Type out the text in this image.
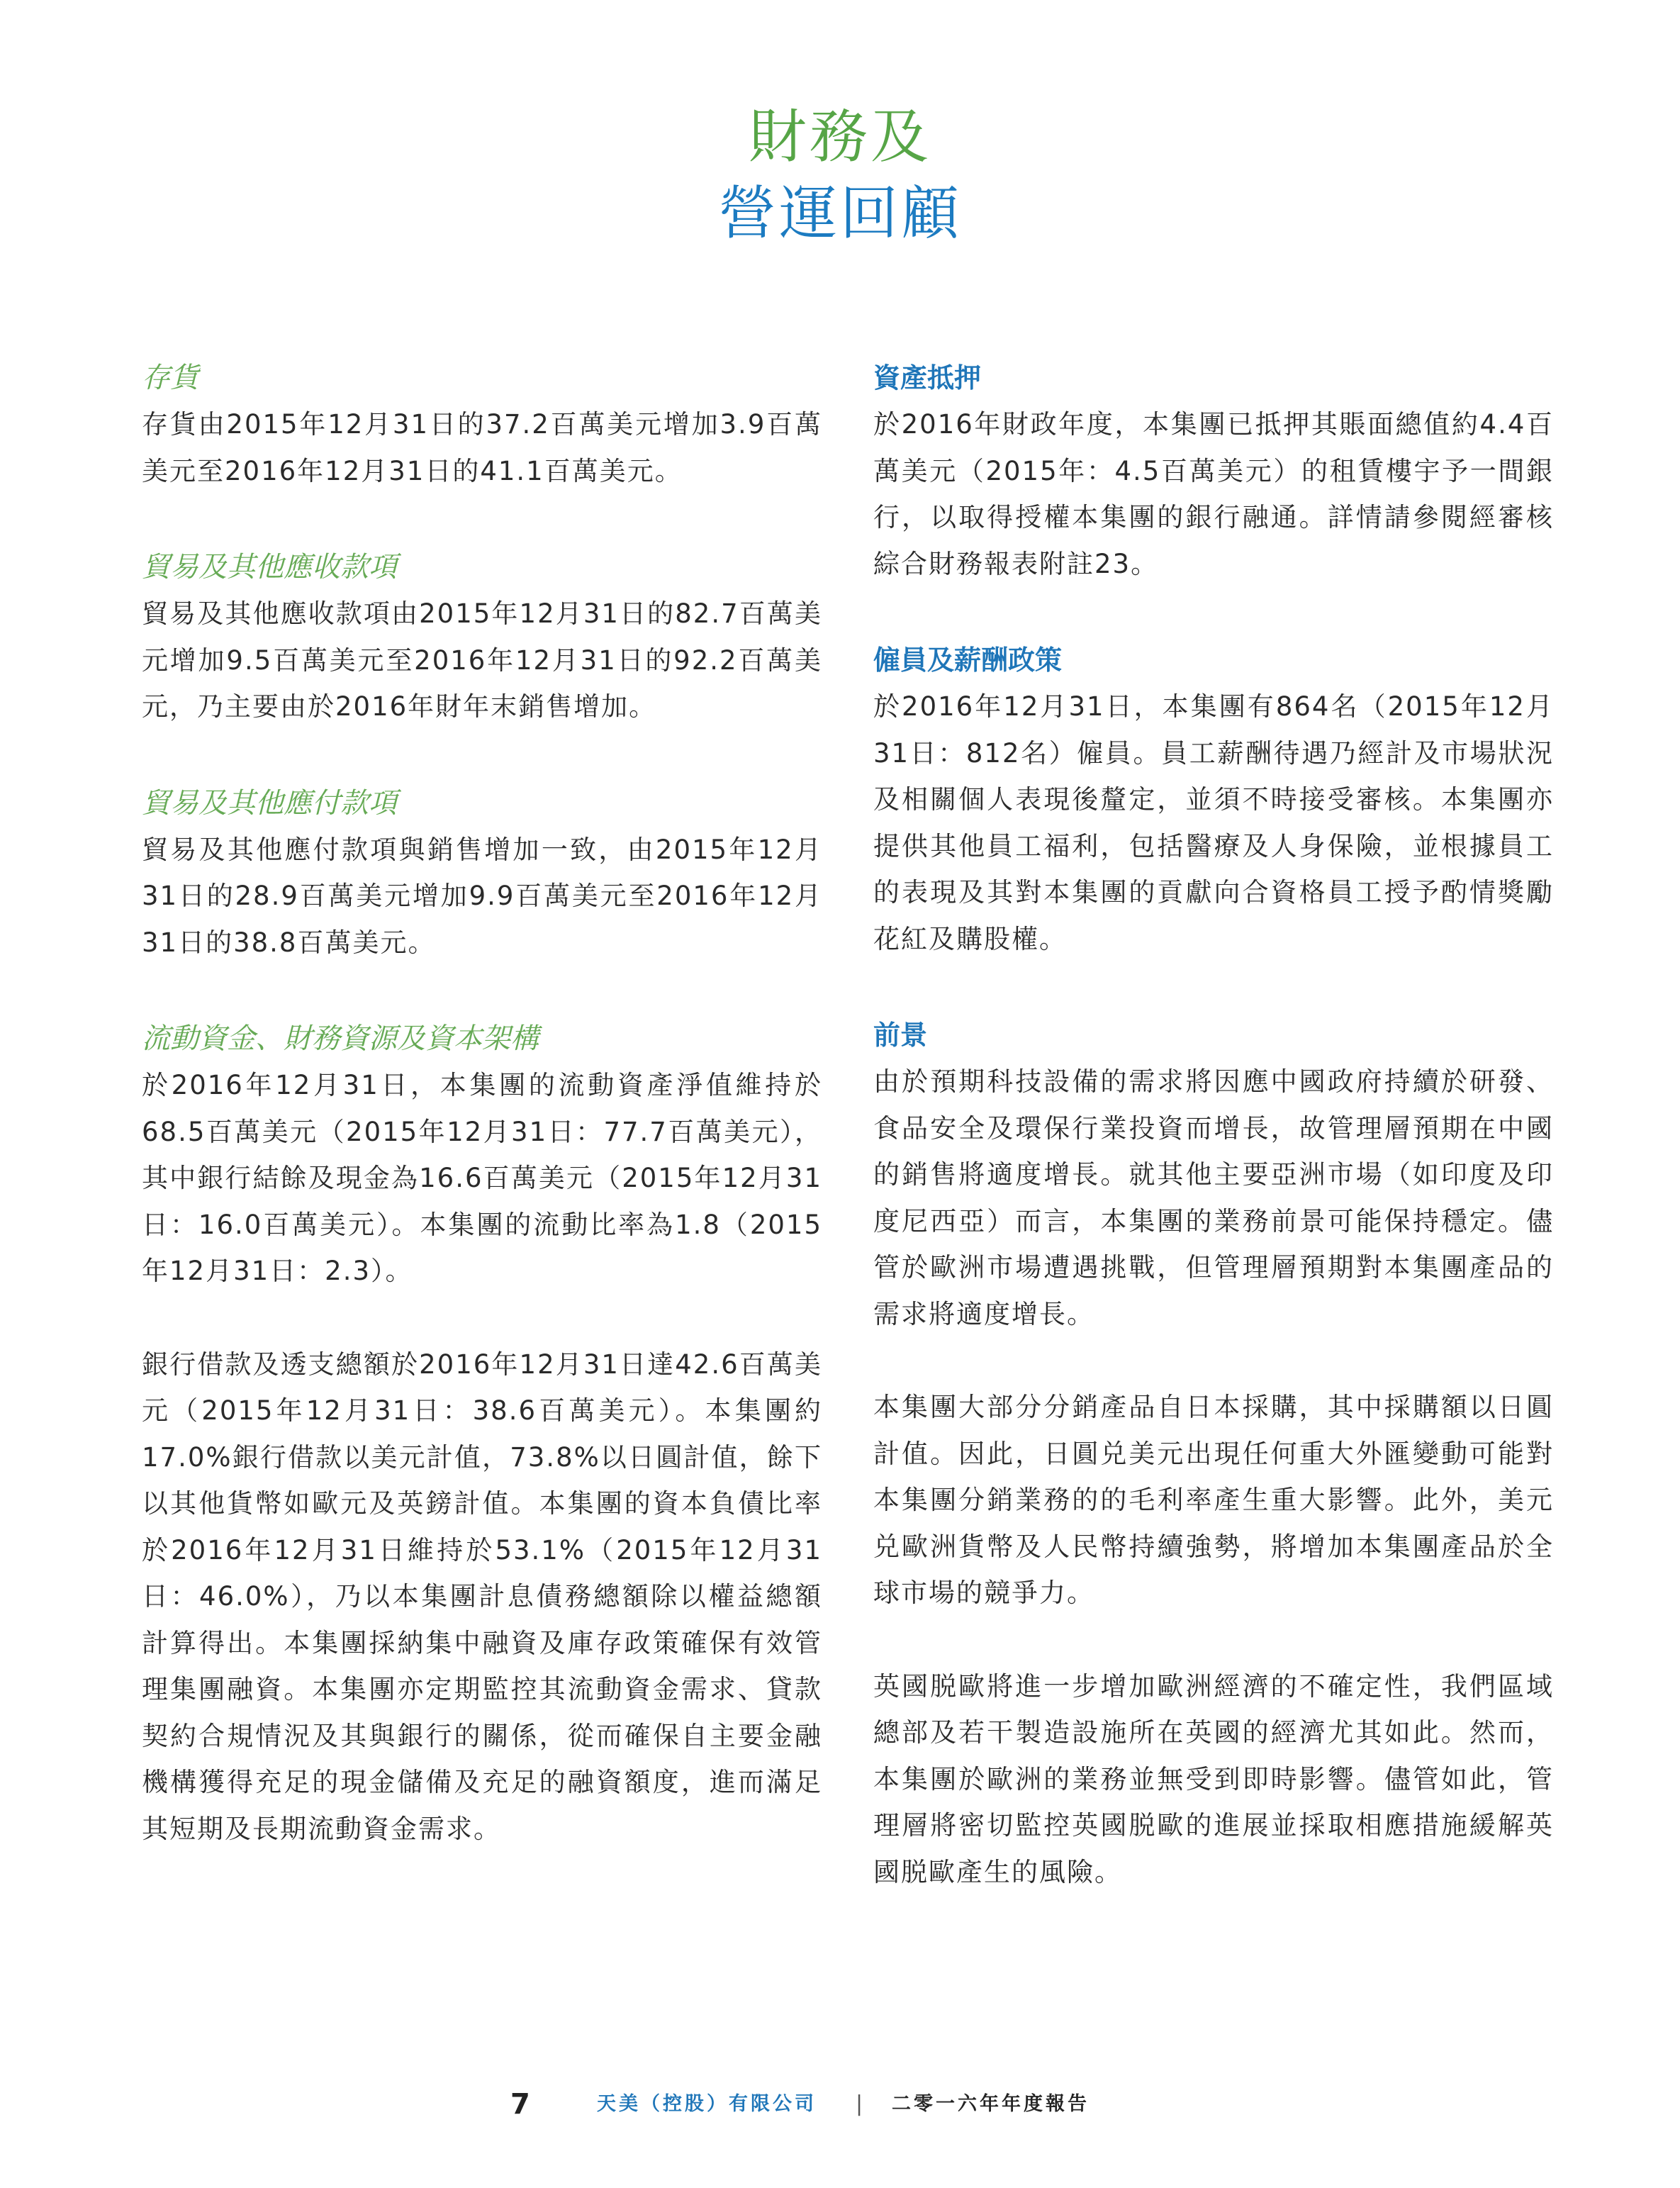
財務及
營運回顧
存貨

存貨由2015年12月31日的37.2百萬美元增加3.9百萬美元至2016年12月31日的41.1百萬美元。

貿易及其他應收款項

貿易及其他應收款項由2015年12月31日的82.7百萬美元增加9.5百萬美元至2016年12月31日的92.2百萬美元，乃主要由於2016年財年末銷售增加。

貿易及其他應付款項

貿易及其他應付款項與銷售增加一致，由2015年12月31日的28.9百萬美元增加9.9百萬美元至2016年12月31日的38.8百萬美元。

流動資金、財務資源及資本架構

於2016年12月31日，本集團的流動資產淨值維持於68.5百萬美元（2015年12月31日：77.7百萬美元），其中銀行結餘及現金為16.6百萬美元（2015年12月31日：16.0百萬美元）。本集團的流動比率為1.8（2015年12月31日：2.3）。

銀行借款及透支總額於2016年12月31日達42.6百萬美元（2015年12月31日：38.6百萬美元）。本集團約17.0%銀行借款以美元計值，73.8%以日圓計值，餘下以其他貨幣如歐元及英鎊計值。本集團的資本負債比率於2016年12月31日維持於53.1%（2015年12月31日：46.0%），乃以本集團計息債務總額除以權益總額計算得出。本集團採納集中融資及庫存政策確保有效管理集團融資。本集團亦定期監控其流動資金需求、貸款契約合規情況及其與銀行的關係，從而確保自主要金融機構獲得充足的現金儲備及充足的融資額度，進而滿足其短期及長期流動資金需求。

資產抵押

於2016年財政年度，本集團已抵押其賬面總值約4.4百萬美元（2015年：4.5百萬美元）的租賃樓宇予一間銀行，以取得授權本集團的銀行融通。詳情請參閱經審核綜合財務報表附註23。

僱員及薪酬政策

於2016年12月31日，本集團有864名（2015年12月31日：812名）僱員。員工薪酬待遇乃經計及市場狀況及相關個人表現後釐定，並須不時接受審核。本集團亦提供其他員工福利，包括醫療及人身保險，並根據員工的表現及其對本集團的貢獻向合資格員工授予酌情獎勵花紅及購股權。

前景

由於預期科技設備的需求將因應中國政府持續於研發、食品安全及環保行業投資而增長，故管理層預期在中國的銷售將適度增長。就其他主要亞洲市場（如印度及印度尼西亞）而言，本集團的業務前景可能保持穩定。儘管於歐洲市場遭遇挑戰，但管理層預期對本集團產品的需求將適度增長。

本集團大部分分銷產品自日本採購，其中採購額以日圓計值。因此，日圓兑美元出現任何重大外匯變動可能對本集團分銷業務的的毛利率產生重大影響。此外，美元兑歐洲貨幣及人民幣持續強勢，將增加本集團產品於全球市場的競爭力。

英國脱歐將進一步增加歐洲經濟的不確定性，我們區域總部及若干製造設施所在英國的經濟尤其如此。然而，本集團於歐洲的業務並無受到即時影響。儘管如此，管理層將密切監控英國脱歐的進展並採取相應措施緩解英國脱歐產生的風險。

7	天美（控股）有限公司 | 二零一六年年度報告
